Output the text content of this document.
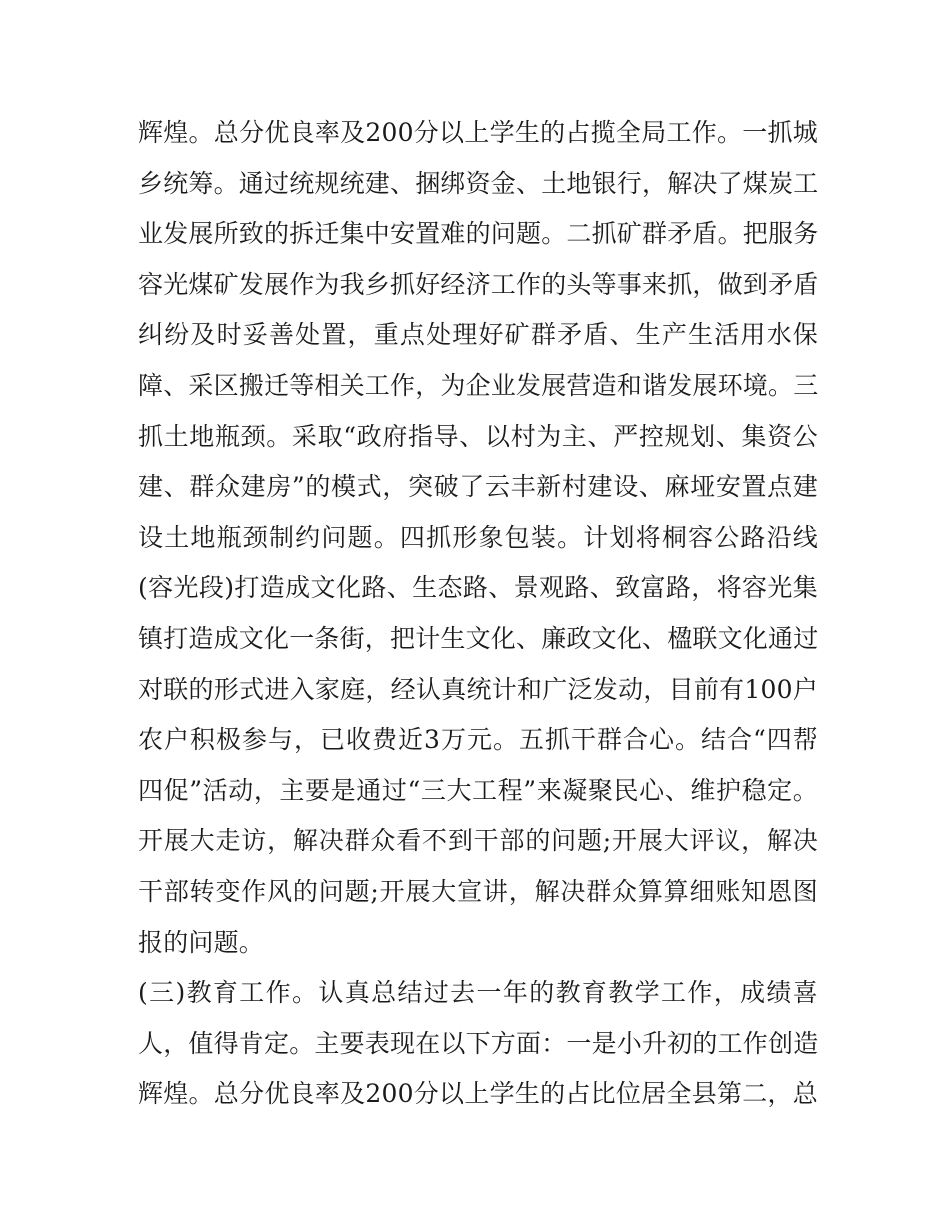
辉煌。总分优良率及200分以上学生的占揽全局工作。一抓城
乡统筹。通过统规统建、捆绑资金、土地银行，解决了煤炭工
业发展所致的拆迁集中安置难的问题。二抓矿群矛盾。把服务
容光煤矿发展作为我乡抓好经济工作的头等事来抓，做到矛盾
纠纷及时妥善处置，重点处理好矿群矛盾、生产生活用水保
障、采区搬迁等相关工作，为企业发展营造和谐发展环境。三
抓土地瓶颈。采取“政府指导、以村为主、严控规划、集资公
建、群众建房”的模式，突破了云丰新村建设、麻垭安置点建
设土地瓶颈制约问题。四抓形象包装。计划将桐容公路沿线
(容光段)打造成文化路、生态路、景观路、致富路，将容光集
镇打造成文化一条街，把计生文化、廉政文化、楹联文化通过
对联的形式进入家庭，经认真统计和广泛发动，目前有100户
农户积极参与，已收费近3万元。五抓干群合心。结合“四帮
四促”活动，主要是通过“三大工程”来凝聚民心、维护稳定。
开展大走访，解决群众看不到干部的问题;开展大评议，解决
干部转变作风的问题;开展大宣讲，解决群众算算细账知恩图
报的问题。
(三)教育工作。认真总结过去一年的教育教学工作，成绩喜
人，值得肯定。主要表现在以下方面：一是小升初的工作创造
辉煌。总分优良率及200分以上学生的占比位居全县第二，总
